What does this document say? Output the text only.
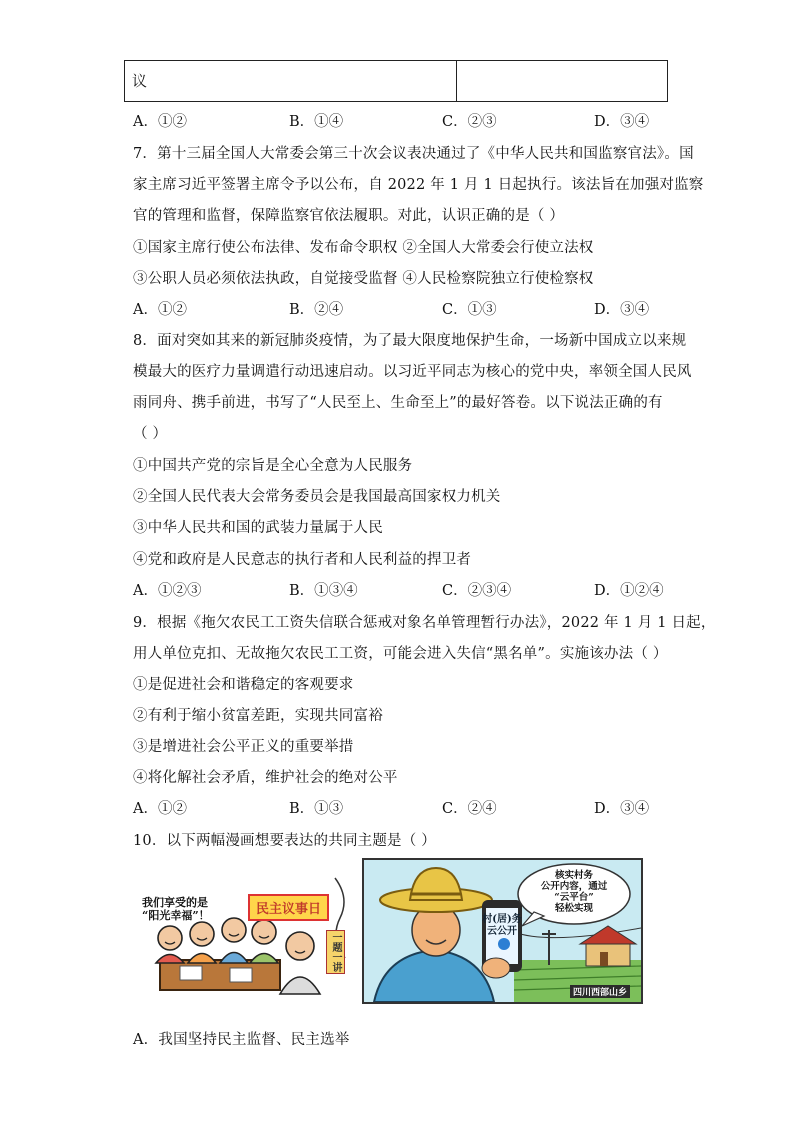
议
A．①②	B．①④	C．②③	D．③④
7．第十三届全国人大常委会第三十次会议表决通过了《中华人民共和国监察官法》。国
家主席习近平签署主席令予以公布，自 2022 年 1 月 1 日起执行。该法旨在加强对监察
官的管理和监督，保障监察官依法履职。对此，认识正确的是（ ）
①国家主席行使公布法律、发布命令职权 ②全国人大常委会行使立法权
③公职人员必须依法执政，自觉接受监督 ④人民检察院独立行使检察权
A．①②	B．②④	C．①③	D．③④
8．面对突如其来的新冠肺炎疫情，为了最大限度地保护生命，一场新中国成立以来规
模最大的医疗力量调遣行动迅速启动。以习近平同志为核心的党中央，率领全国人民风
雨同舟、携手前进，书写了“人民至上、生命至上”的最好答卷。以下说法正确的有
（ ）
①中国共产党的宗旨是全心全意为人民服务
②全国人民代表大会常务委员会是我国最高国家权力机关
③中华人民共和国的武装力量属于人民
④党和政府是人民意志的执行者和人民利益的捍卫者
A．①②③	B．①③④	C．②③④	D．①②④
9．根据《拖欠农民工工资失信联合惩戒对象名单管理暂行办法》，2022 年 1 月 1 日起，
用人单位克扣、无故拖欠农民工工资，可能会进入失信“黑名单”。实施该办法（ ）
①是促进社会和谐稳定的客观要求
②有利于缩小贫富差距，实现共同富裕
③是增进社会公平正义的重要举措
④将化解社会矛盾，维护社会的绝对公平
A．①②	B．①③	C．②④	D．③④
10．以下两幅漫画想要表达的共同主题是（ ）
我们享受的是
“阳光幸福”！	民主议事日
一题一讲
核实村务
公开内容，通过
“云平台”
轻松实现
村(居)务
云公开
四川西部山乡
A．我国坚持民主监督、民主选举
